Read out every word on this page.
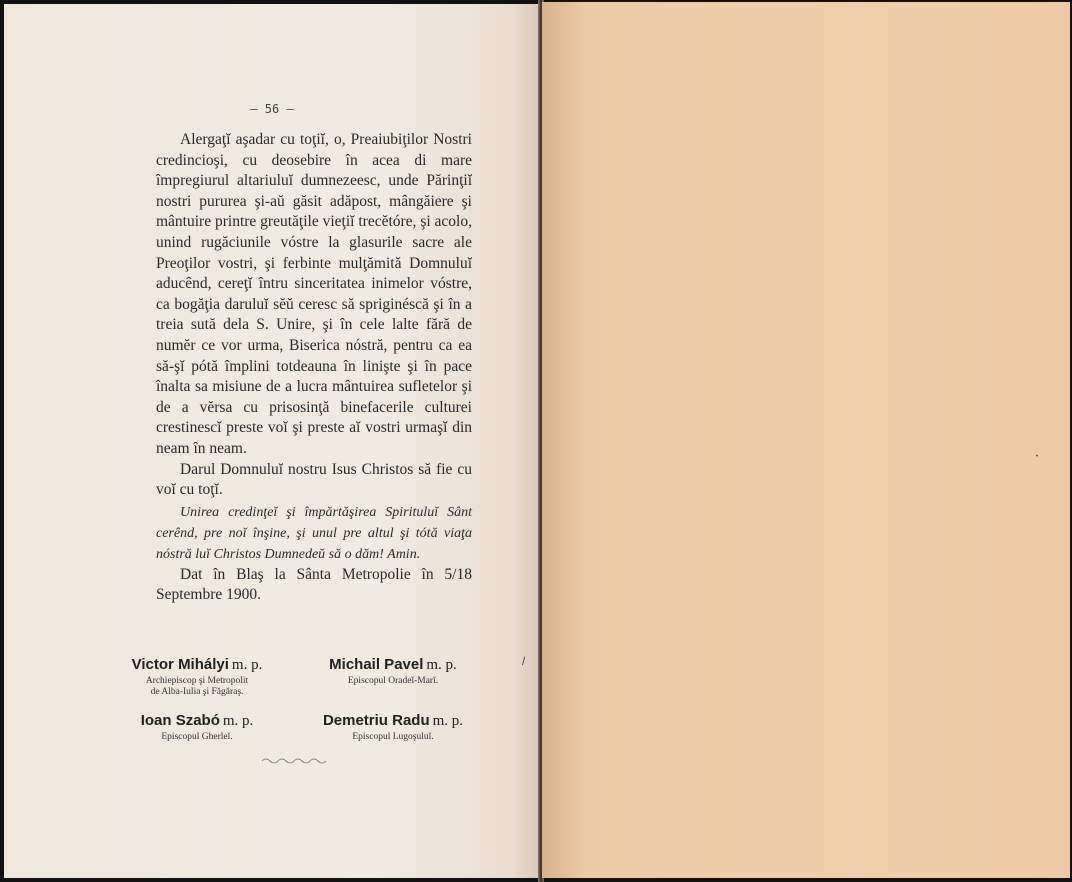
— 56 —

Alergaţĭ aşadar cu toţiĭ, o, Preaiubiţilor Nostri credincioşi, cu deosebire în acea di mare împregiurul altariuluĭ dumnezeesc, unde Părinţiĭ nostri pururea şi-aŭ găsit adăpost, mângăiere şi mântuire printre greutăţile vieţiĭ trecĕtóre, şi acolo, unind rugăciunile vóstre la glasurile sacre ale Preoţilor vostri, şi ferbinte mulţămită Domnuluĭ aducênd, cereţĭ întru sinceritatea inimelor vóstre, ca bogăţia daruluĭ sĕŭ ceresc să spriginéscă şi în a treia sută dela S. Unire, şi în cele lalte fără de numĕr ce vor urma, Biserica nóstră, pentru ca ea să-şĭ pótă împlini totdeauna în linişte şi în pace înalta sa misiune de a lucra mântuirea sufletelor şi de a vĕrsa cu prisosinţă binefacerile culturei crestinescĭ preste voĭ şi preste aĭ vostri urmaşĭ din neam în neam.

Darul Domnuluĭ nostru Isus Christos să fie cu voĭ cu toţĭ.

Unirea credinţeĭ şi împărtăşirea Spirituluĭ Sânt cerênd, pre noĭ înşine, şi unul pre altul şi tótă viaţa nóstră luĭ Christos Dumnedeŭ să o dăm! Amin.

Dat în Blaş la Sânta Metropolie în 5/18 Septembre 1900.

Victor Mihályi m. p.
Archiepiscop şi Metropolit
de Alba-Iulia şi Făgăraş.
Michail Pavel m. p.
Episcopul Oradeĭ-Marĭ.
Ioan Szabó m. p.
Episcopul Gherleĭ.
Demetriu Radu m. p.
Episcopul Lugoşuluĭ.
/
•
